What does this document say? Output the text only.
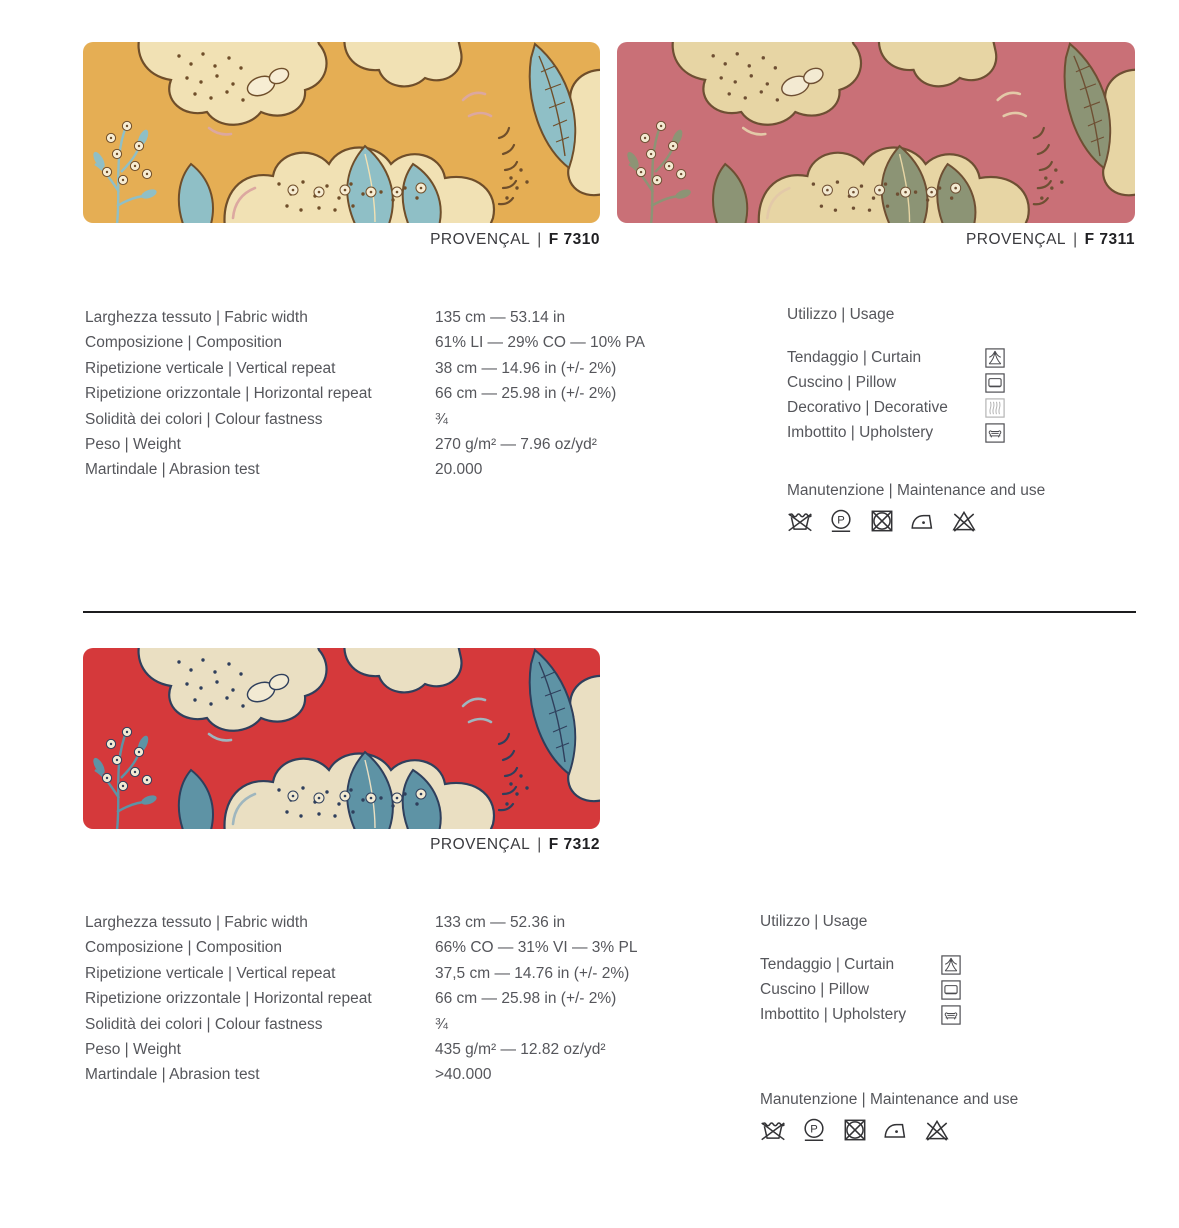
PROVENÇAL | F 7310	PROVENÇAL | F 7311
Larghezza tessuto | Fabric width	135 cm — 53.14 in
Composizione | Composition	61% LI — 29% CO — 10% PA
Ripetizione verticale | Vertical repeat	38 cm — 14.96 in (+/- 2%)
Ripetizione orizzontale | Horizontal repeat	66 cm — 25.98 in (+/- 2%)
Solidità dei colori | Colour fastness	¾
Peso | Weight	270 g/m² — 7.96 oz/yd²
Martindale | Abrasion test	20.000
Utilizzo | Usage
Tendaggio | Curtain
Cuscino | Pillow
Decorativo | Decorative
Imbottito | Upholstery
Manutenzione | Maintenance and use
PROVENÇAL | F 7312
Larghezza tessuto | Fabric width	133 cm — 52.36 in
Composizione | Composition	66% CO — 31% VI — 3% PL
Ripetizione verticale | Vertical repeat	37,5 cm — 14.76 in (+/- 2%)
Ripetizione orizzontale | Horizontal repeat	66 cm — 25.98 in (+/- 2%)
Solidità dei colori | Colour fastness	¾
Peso | Weight	435 g/m² — 12.82 oz/yd²
Martindale | Abrasion test	>40.000
Utilizzo | Usage
Tendaggio | Curtain
Cuscino | Pillow
Imbottito | Upholstery
Manutenzione | Maintenance and use
